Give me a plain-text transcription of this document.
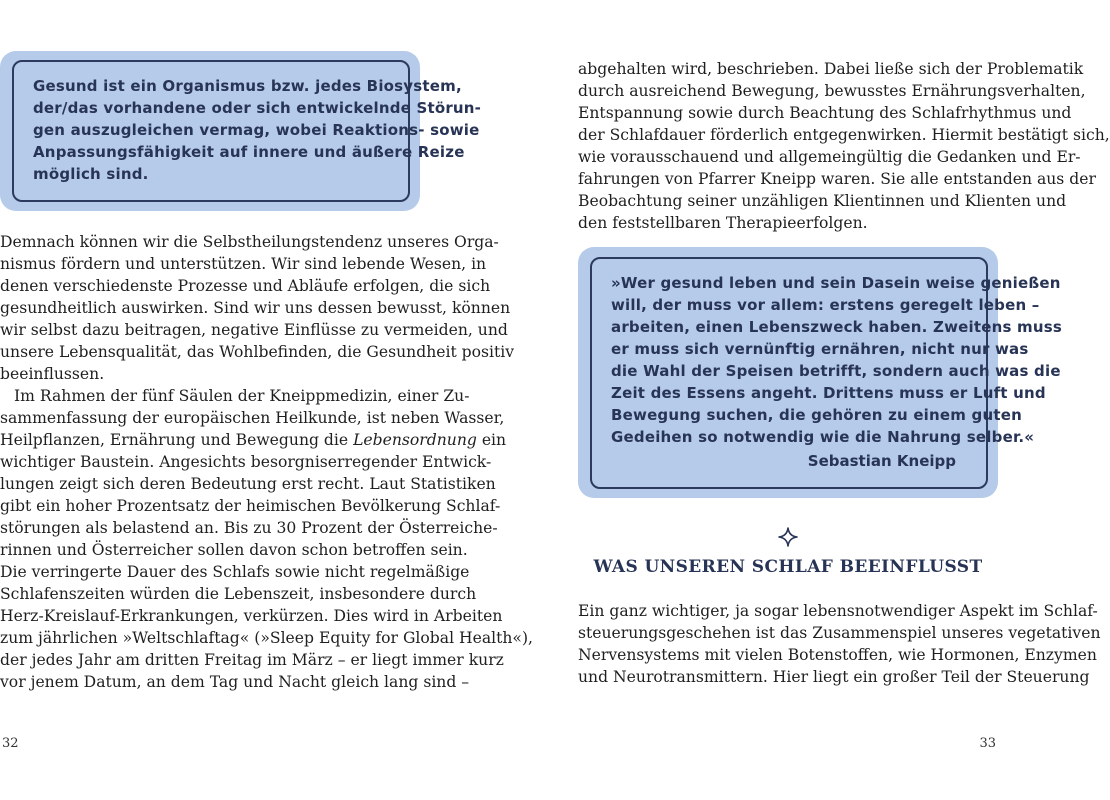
Gesund ist ein Organismus bzw. jedes Biosystem,
der/das vorhandene oder sich entwickelnde Störun-
gen auszugleichen vermag, wobei Reaktions- sowie
Anpassungsfähigkeit auf innere und äußere Reize
möglich sind.
Demnach können wir die Selbstheilungstendenz unseres Orga-
nismus fördern und unterstützen. Wir sind lebende Wesen, in
denen verschiedenste Prozesse und Abläufe erfolgen, die sich
gesundheitlich auswirken. Sind wir uns dessen bewusst, können
wir selbst dazu beitragen, negative Einflüsse zu vermeiden, und
unsere Lebensqualität, das Wohlbefinden, die Gesundheit positiv
beeinflussen.
Im Rahmen der fünf Säulen der Kneippmedizin, einer Zu-
sammenfassung der europäischen Heilkunde, ist neben Wasser,
Heilpflanzen, Ernährung und Bewegung die Lebensordnung ein
wichtiger Baustein. Angesichts besorgniserregender Entwick-
lungen zeigt sich deren Bedeutung erst recht. Laut Statistiken
gibt ein hoher Prozentsatz der heimischen Bevölkerung Schlaf-
störungen als belastend an. Bis zu 30 Prozent der Österreiche-
rinnen und Österreicher sollen davon schon betroffen sein.
Die verringerte Dauer des Schlafs sowie nicht regelmäßige
Schlafenszeiten würden die Lebenszeit, insbesondere durch
Herz-Kreislauf-Erkrankungen, verkürzen. Dies wird in Arbeiten
zum jährlichen »Weltschlaftag« (»Sleep Equity for Global Health«),
der jedes Jahr am dritten Freitag im März – er liegt immer kurz
vor jenem Datum, an dem Tag und Nacht gleich lang sind –
32
abgehalten wird, beschrieben. Dabei ließe sich der Problematik
durch ausreichend Bewegung, bewusstes Ernährungsverhalten,
Entspannung sowie durch Beachtung des Schlafrhythmus und
der Schlafdauer förderlich entgegenwirken. Hiermit bestätigt sich,
wie vorausschauend und allgemeingültig die Gedanken und Er-
fahrungen von Pfarrer Kneipp waren. Sie alle entstanden aus der
Beobachtung seiner unzähligen Klientinnen und Klienten und
den feststellbaren Therapieerfolgen.
»Wer gesund leben und sein Dasein weise genießen
will, der muss vor allem: erstens geregelt leben –
arbeiten, einen Lebenszweck haben. Zweitens muss
er muss sich vernünftig ernähren, nicht nur was
die Wahl der Speisen betrifft, sondern auch was die
Zeit des Essens angeht. Drittens muss er Luft und
Bewegung suchen, die gehören zu einem guten
Gedeihen so notwendig wie die Nahrung selber.«
Sebastian Kneipp
WAS UNSEREN SCHLAF BEEINFLUSST
Ein ganz wichtiger, ja sogar lebensnotwendiger Aspekt im Schlaf-
steuerungsgeschehen ist das Zusammenspiel unseres vegetativen
Nervensystems mit vielen Botenstoffen, wie Hormonen, Enzymen
und Neurotransmittern. Hier liegt ein großer Teil der Steuerung
33
